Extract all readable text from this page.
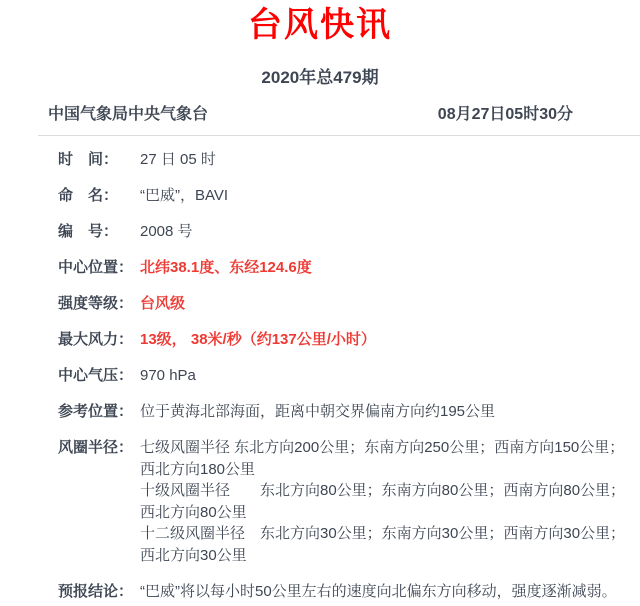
台风快讯
2020年总479期
中国气象局中央气象台	08月27日05时30分
时　间：	27 日 05 时
命　名：	“巴威”，BAVI
编　号：	2008 号
中心位置： 北纬38.1度、东经124.6度
强度等级： 台风级
最大风力： 13级， 38米/秒（约137公里/小时）
中心气压： 970 hPa
参考位置： 位于黄海北部海面，距离中朝交界偏南方向约195公里
风圈半径： 七级风圈半径 东北方向200公里；东南方向250公里；西南方向150公里；西北方向180公里
十级风圈半径　　东北方向80公里；东南方向80公里；西南方向80公里；西北方向80公里
十二级风圈半径　东北方向30公里；东南方向30公里；西南方向30公里；西北方向30公里
预报结论： “巴威”将以每小时50公里左右的速度向北偏东方向移动，强度逐渐减弱。
